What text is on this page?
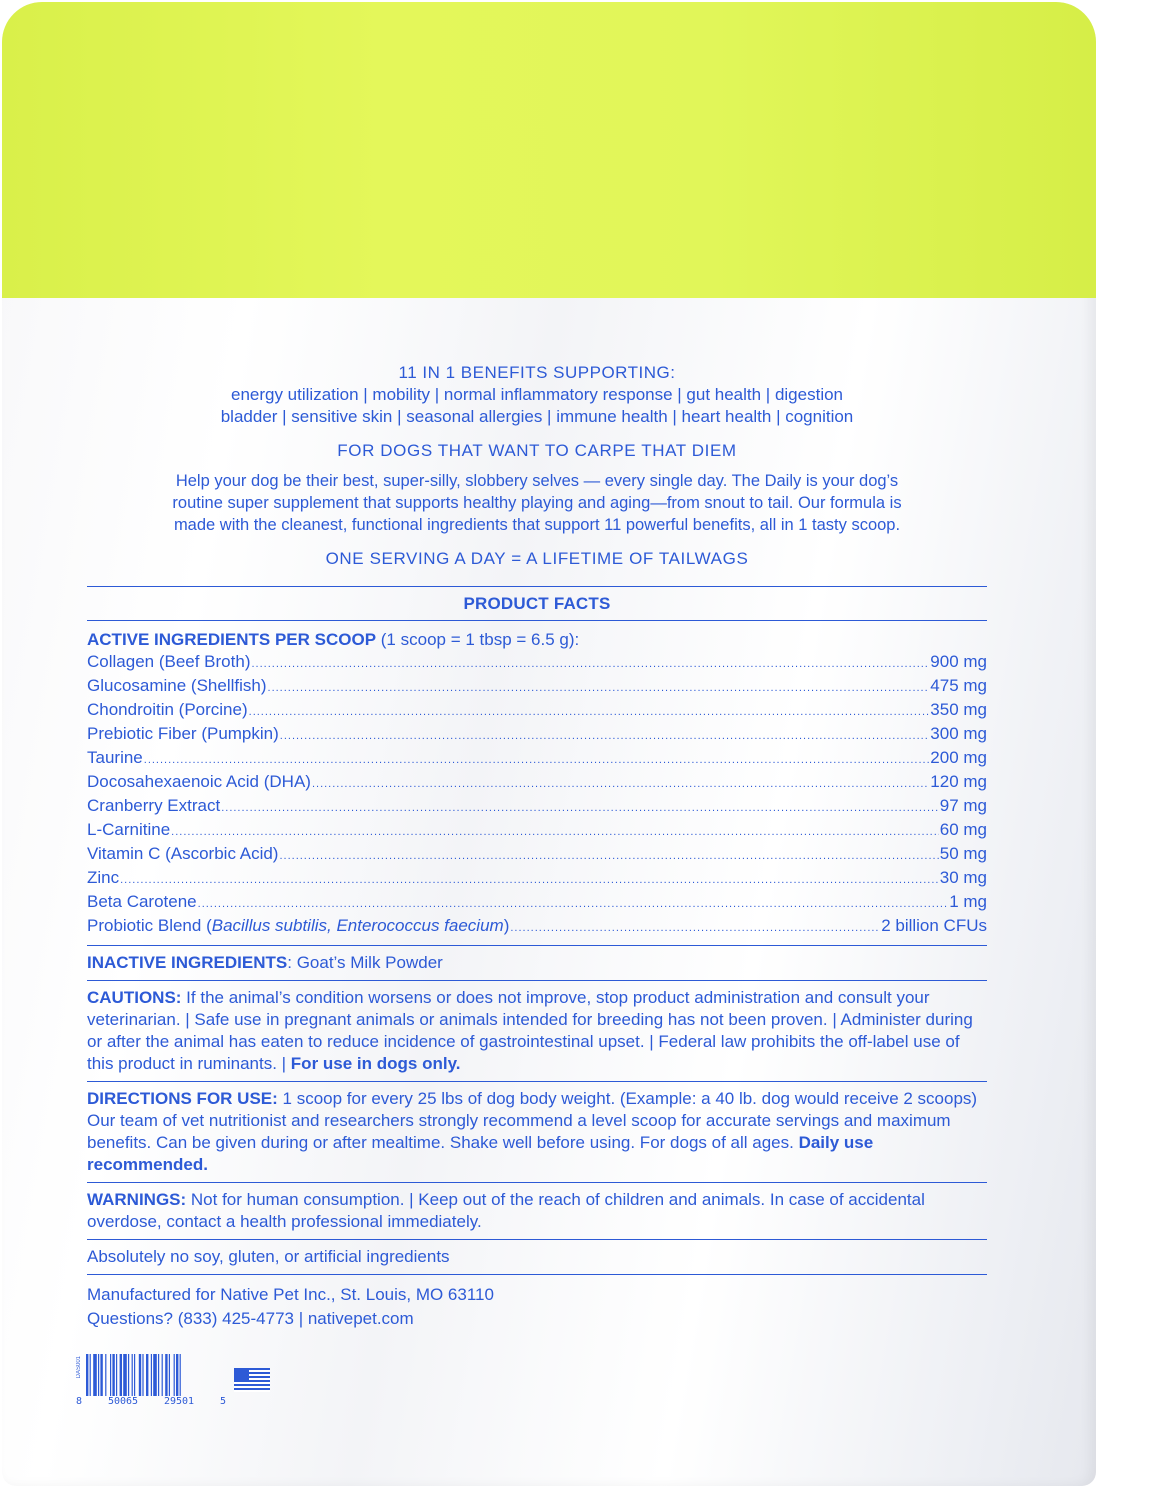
11 IN 1 BENEFITS SUPPORTING:
energy utilization | mobility | normal inflammatory response | gut health | digestion
bladder | sensitive skin | seasonal allergies | immune health | heart health | cognition
FOR DOGS THAT WANT TO CARPE THAT DIEM
Help your dog be their best, super-silly, slobbery selves — every single day. The Daily is your dog’s
routine super supplement that supports healthy playing and aging—from snout to tail. Our formula is
made with the cleanest, functional ingredients that support 11 powerful benefits, all in 1 tasty scoop.
ONE SERVING A DAY = A LIFETIME OF TAILWAGS
PRODUCT FACTS
ACTIVE INGREDIENTS PER SCOOP (1 scoop = 1 tbsp = 6.5 g):
Collagen (Beef Broth) .....	900 mg
Glucosamine (Shellfish) .....	475 mg
Chondroitin (Porcine) .....	350 mg
Prebiotic Fiber (Pumpkin) .....	300 mg
Taurine .....	200 mg
Docosahexaenoic Acid (DHA) .....	120 mg
Cranberry Extract .....	97 mg
L-Carnitine .....	60 mg
Vitamin C (Ascorbic Acid) .....	50 mg
Zinc .....	30 mg
Beta Carotene .....	1 mg
Probiotic Blend (Bacillus subtilis, Enterococcus faecium) .....	2 billion CFUs
INACTIVE INGREDIENTS: Goat’s Milk Powder
CAUTIONS: If the animal’s condition worsens or does not improve, stop product administration and consult your veterinarian. | Safe use in pregnant animals or animals intended for breeding has not been proven. | Administer during or after the animal has eaten to reduce incidence of gastrointestinal upset. | Federal law prohibits the off-label use of this product in ruminants. | For use in dogs only.
DIRECTIONS FOR USE: 1 scoop for every 25 lbs of dog body weight. (Example: a 40 lb. dog would receive 2 scoops) Our team of vet nutritionist and researchers strongly recommend a level scoop for accurate servings and maximum benefits. Can be given during or after mealtime. Shake well before using. For dogs of all ages. Daily use recommended.
WARNINGS: Not for human consumption. | Keep out of the reach of children and animals. In case of accidental overdose, contact a health professional immediately.
Absolutely no soy, gluten, or artificial ingredients
Manufactured for Native Pet Inc., St. Louis, MO 63110
Questions? (833) 425-4773 | nativepet.com
DAS001
8	50065	29501	5
